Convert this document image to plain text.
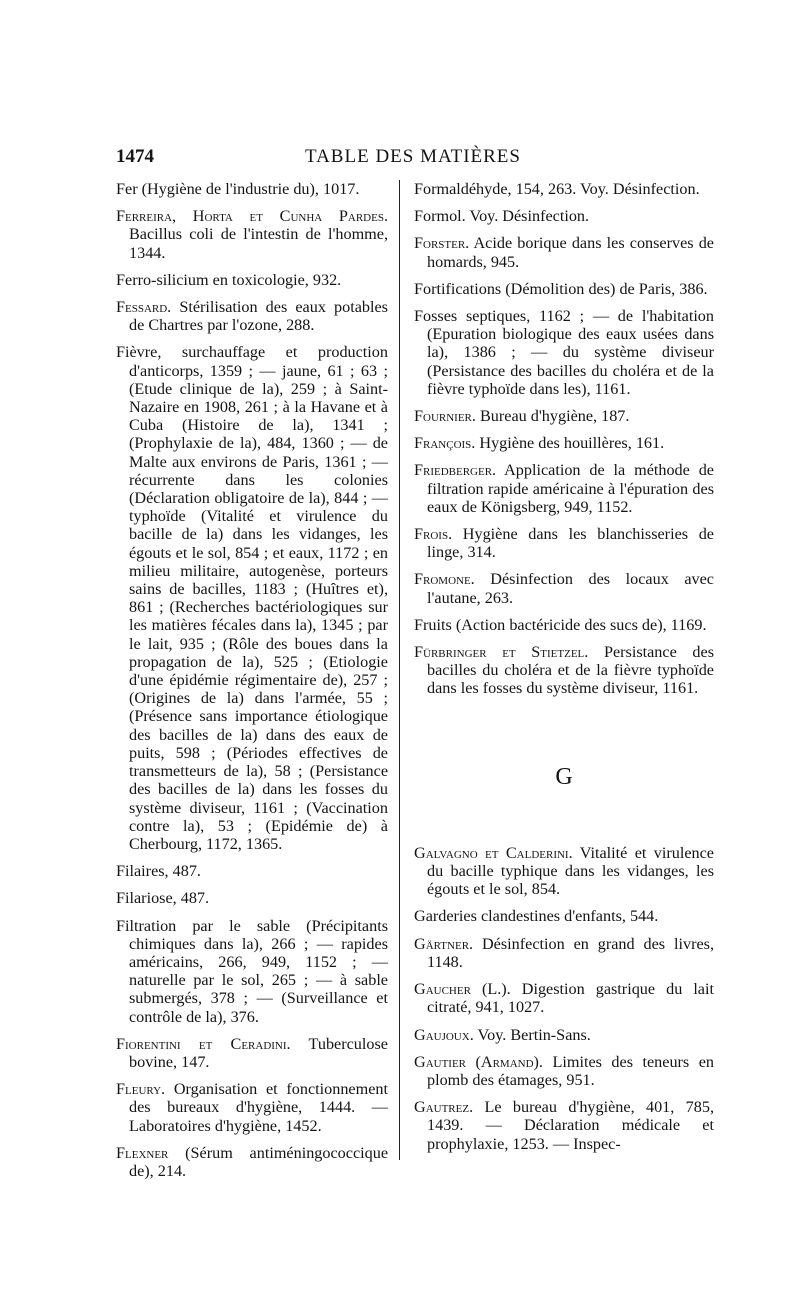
1474	TABLE DES MATIÈRES

Fer (Hygiène de l'industrie du), 1017.

Ferreira, Horta et Cunha Pardes. Bacillus coli de l'intestin de l'homme, 1344.

Ferro-silicium en toxicologie, 932.

Fessard. Stérilisation des eaux potables de Chartres par l'ozone, 288.

Fièvre, surchauffage et production d'anticorps, 1359 ; — jaune, 61 ; 63 ; (Etude clinique de la), 259 ; à Saint-Nazaire en 1908, 261 ; à la Havane et à Cuba (Histoire de la), 1341 ; (Prophylaxie de la), 484, 1360 ; — de Malte aux environs de Paris, 1361 ; — récurrente dans les colonies (Déclaration obligatoire de la), 844 ; — typhoïde (Vitalité et virulence du bacille de la) dans les vidanges, les égouts et le sol, 854 ; et eaux, 1172 ; en milieu militaire, autogenèse, porteurs sains de bacilles, 1183 ; (Huîtres et), 861 ; (Recherches bactériologiques sur les matières fécales dans la), 1345 ; par le lait, 935 ; (Rôle des boues dans la propagation de la), 525 ; (Etiologie d'une épidémie régimentaire de), 257 ; (Origines de la) dans l'armée, 55 ; (Présence sans importance étiologique des bacilles de la) dans des eaux de puits, 598 ; (Périodes effectives de transmetteurs de la), 58 ; (Persistance des bacilles de la) dans les fosses du système diviseur, 1161 ; (Vaccination contre la), 53 ; (Epidémie de) à Cherbourg, 1172, 1365.

Filaires, 487.

Filariose, 487.

Filtration par le sable (Précipitants chimiques dans la), 266 ; — rapides américains, 266, 949, 1152 ; — naturelle par le sol, 265 ; — à sable submergés, 378 ; — (Surveillance et contrôle de la), 376.

Fiorentini et Ceradini. Tuberculose bovine, 147.

Fleury. Organisation et fonctionnement des bureaux d'hygiène, 1444. — Laboratoires d'hygiène, 1452.

Flexner (Sérum antiméningococcique de), 214.

Formaldéhyde, 154, 263. Voy. Désinfection.

Formol. Voy. Désinfection.

Forster. Acide borique dans les conserves de homards, 945.

Fortifications (Démolition des) de Paris, 386.

Fosses septiques, 1162 ; — de l'habitation (Epuration biologique des eaux usées dans la), 1386 ; — du système diviseur (Persistance des bacilles du choléra et de la fièvre typhoïde dans les), 1161.

Fournier. Bureau d'hygiène, 187.

François. Hygiène des houillères, 161.

Friedberger. Application de la méthode de filtration rapide américaine à l'épuration des eaux de Königsberg, 949, 1152.

Frois. Hygiène dans les blanchisseries de linge, 314.

Fromone. Désinfection des locaux avec l'autane, 263.

Fruits (Action bactéricide des sucs de), 1169.

Fürbringer et Stietzel. Persistance des bacilles du choléra et de la fièvre typhoïde dans les fosses du système diviseur, 1161.

G

Galvagno et Calderini. Vitalité et virulence du bacille typhique dans les vidanges, les égouts et le sol, 854.

Garderies clandestines d'enfants, 544.

Gärtner. Désinfection en grand des livres, 1148.

Gaucher (L.). Digestion gastrique du lait citraté, 941, 1027.

Gaujoux. Voy. Bertin-Sans.

Gautier (Armand). Limites des teneurs en plomb des étamages, 951.

Gautrez. Le bureau d'hygiène, 401, 785, 1439. — Déclaration médicale et prophylaxie, 1253. — Inspec-
